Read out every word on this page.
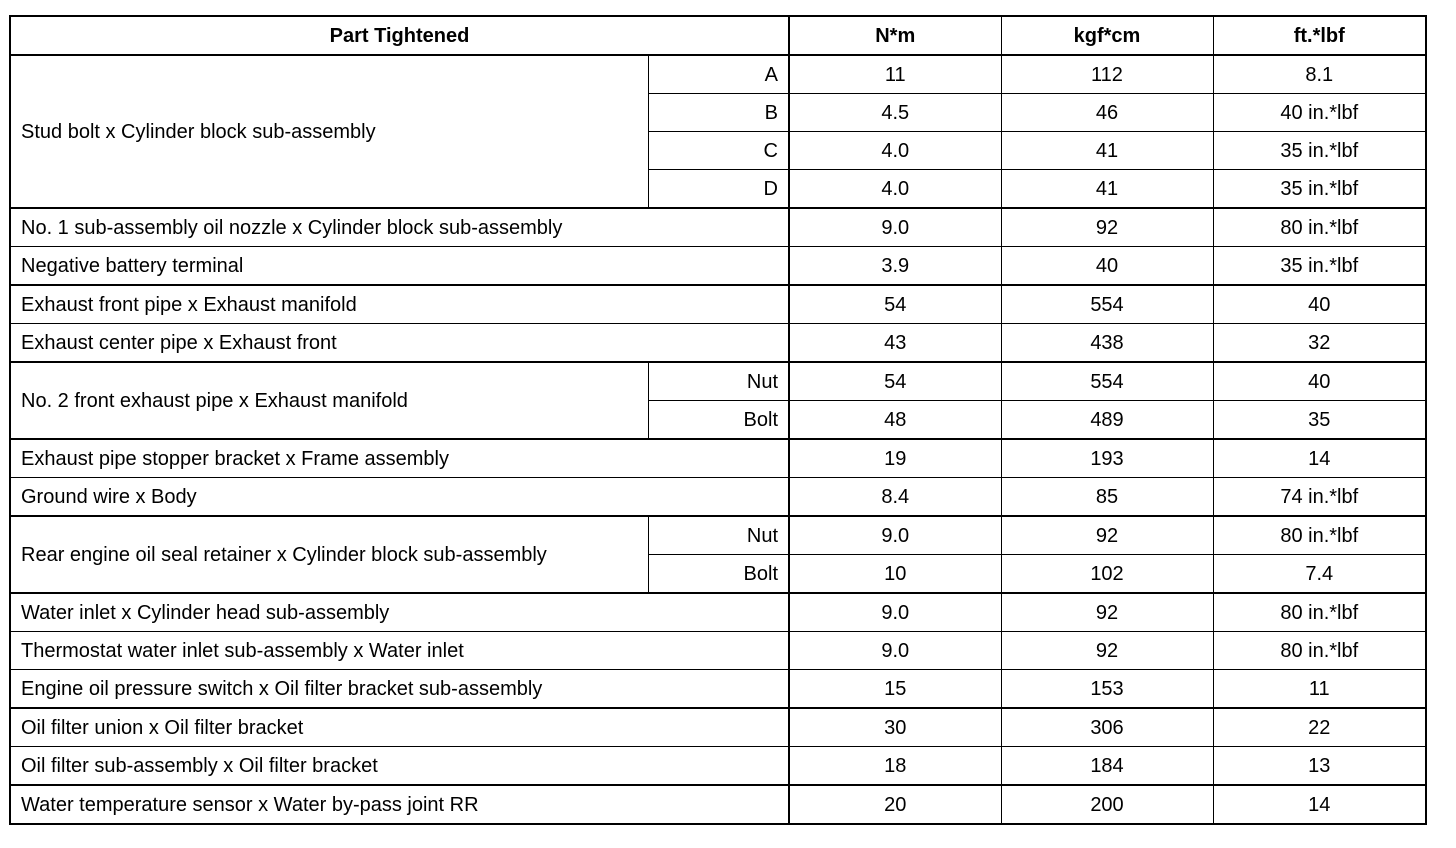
Part Tightened		N*m	kgf*cm	ft.*lbf
Stud bolt x Cylinder block sub-assembly	A	11	112	8.1
	B	4.5	46	40 in.*lbf
	C	4.0	41	35 in.*lbf
	D	4.0	41	35 in.*lbf
No. 1 sub-assembly oil nozzle x Cylinder block sub-assembly		9.0	92	80 in.*lbf
Negative battery terminal		3.9	40	35 in.*lbf
Exhaust front pipe x Exhaust manifold		54	554	40
Exhaust center pipe x Exhaust front		43	438	32
No. 2 front exhaust pipe x Exhaust manifold	Nut	54	554	40
	Bolt	48	489	35
Exhaust pipe stopper bracket x Frame assembly		19	193	14
Ground wire x Body		8.4	85	74 in.*lbf
Rear engine oil seal retainer x Cylinder block sub-assembly	Nut	9.0	92	80 in.*lbf
	Bolt	10	102	7.4
Water inlet x Cylinder head sub-assembly		9.0	92	80 in.*lbf
Thermostat water inlet sub-assembly x Water inlet		9.0	92	80 in.*lbf
Engine oil pressure switch x Oil filter bracket sub-assembly		15	153	11
Oil filter union x Oil filter bracket		30	306	22
Oil filter sub-assembly x Oil filter bracket		18	184	13
Water temperature sensor x Water by-pass joint RR		20	200	14
